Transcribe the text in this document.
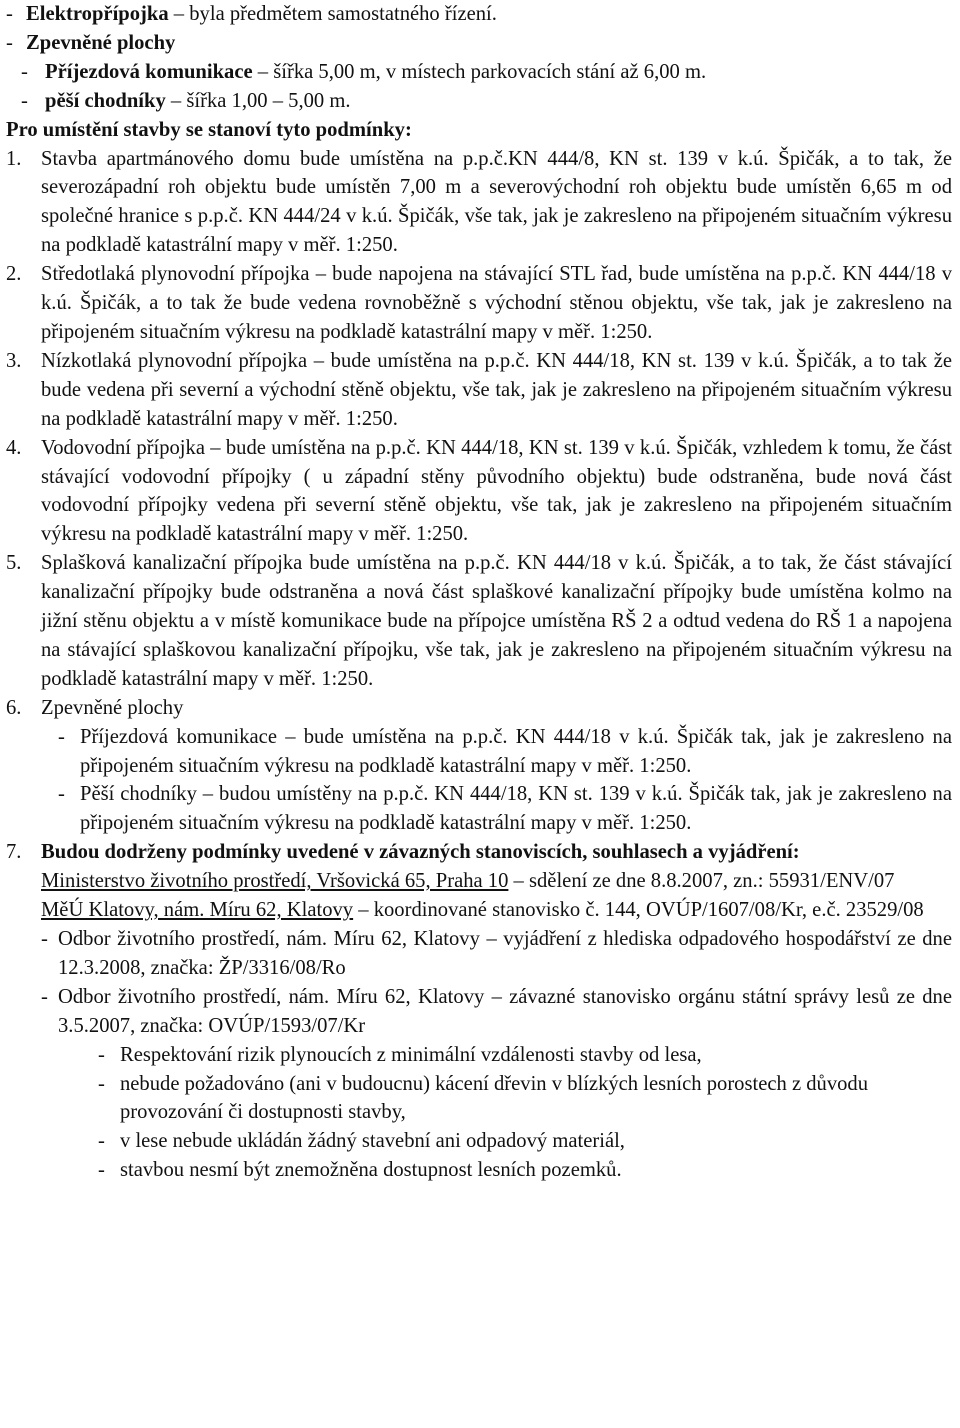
- Elektropřípojka – byla předmětem samostatného řízení.
- Zpevněné plochy
- Příjezdová komunikace – šířka 5,00 m, v místech parkovacích stání až 6,00 m.
- pěší chodníky – šířka 1,00 – 5,00 m.
Pro umístění stavby se stanoví tyto podmínky:
1. Stavba apartmánového domu bude umístěna na p.p.č.KN 444/8, KN st. 139 v k.ú. Špičák, a to tak, že severozápadní roh objektu bude umístěn 7,00 m a severovýchodní roh objektu bude umístěn 6,65 m od společné hranice s p.p.č. KN 444/24 v k.ú. Špičák, vše tak, jak je zakresleno na připojeném situačním výkresu na podkladě katastrální mapy v měř. 1:250.
2. Středotlaká plynovodní přípojka – bude napojena na stávající STL řad, bude umístěna na p.p.č. KN 444/18 v k.ú. Špičák, a to tak že bude vedena rovnoběžně s východní stěnou objektu, vše tak, jak je zakresleno na připojeném situačním výkresu na podkladě katastrální mapy v měř. 1:250.
3. Nízkotlaká plynovodní přípojka – bude umístěna na p.p.č. KN 444/18, KN st. 139 v k.ú. Špičák, a to tak že bude vedena při severní a východní stěně objektu, vše tak, jak je zakresleno na připojeném situačním výkresu na podkladě katastrální mapy v měř. 1:250.
4. Vodovodní přípojka – bude umístěna na p.p.č. KN 444/18, KN st. 139 v k.ú. Špičák, vzhledem k tomu, že část stávající vodovodní přípojky ( u západní stěny původního objektu) bude odstraněna, bude nová část vodovodní přípojky vedena při severní stěně objektu, vše tak, jak je zakresleno na připojeném situačním výkresu na podkladě katastrální mapy v měř. 1:250.
5. Splašková kanalizační přípojka bude umístěna na p.p.č. KN 444/18 v k.ú. Špičák, a to tak, že část stávající kanalizační přípojky bude odstraněna a nová část splaškové kanalizační přípojky bude umístěna kolmo na jižní stěnu objektu a v místě komunikace bude na přípojce umístěna RŠ 2 a odtud vedena do RŠ 1 a napojena na stávající splaškovou kanalizační přípojku, vše tak, jak je zakresleno na připojeném situačním výkresu na podkladě katastrální mapy v měř. 1:250.
6. Zpevněné plochy
- Příjezdová komunikace – bude umístěna na p.p.č. KN 444/18 v k.ú. Špičák tak, jak je zakresleno na připojeném situačním výkresu na podkladě katastrální mapy v měř. 1:250.
- Pěší chodníky – budou umístěny na p.p.č. KN 444/18, KN st. 139 v k.ú. Špičák tak, jak je zakresleno na připojeném situačním výkresu na podkladě katastrální mapy v měř. 1:250.
7. Budou dodrženy podmínky uvedené v závazných stanoviscích, souhlasech a vyjádření:
Ministerstvo životního prostředí, Vršovická 65, Praha 10 – sdělení ze dne 8.8.2007, zn.: 55931/ENV/07
MěÚ Klatovy, nám. Míru 62, Klatovy – koordinované stanovisko č. 144, OVÚP/1607/08/Kr, e.č. 23529/08
- Odbor životního prostředí, nám. Míru 62, Klatovy – vyjádření z hlediska odpadového hospodářství ze dne 12.3.2008, značka: ŽP/3316/08/Ro
- Odbor životního prostředí, nám. Míru 62, Klatovy – závazné stanovisko orgánu státní správy lesů ze dne 3.5.2007, značka: OVÚP/1593/07/Kr
- Respektování rizik plynoucích z minimální vzdálenosti stavby od lesa,
- nebude požadováno (ani v budoucnu) kácení dřevin v blízkých lesních porostech z důvodu provozování či dostupnosti stavby,
- v lese nebude ukládán žádný stavební ani odpadový materiál,
- stavbou nesmí být znemožněna dostupnost lesních pozemků.
